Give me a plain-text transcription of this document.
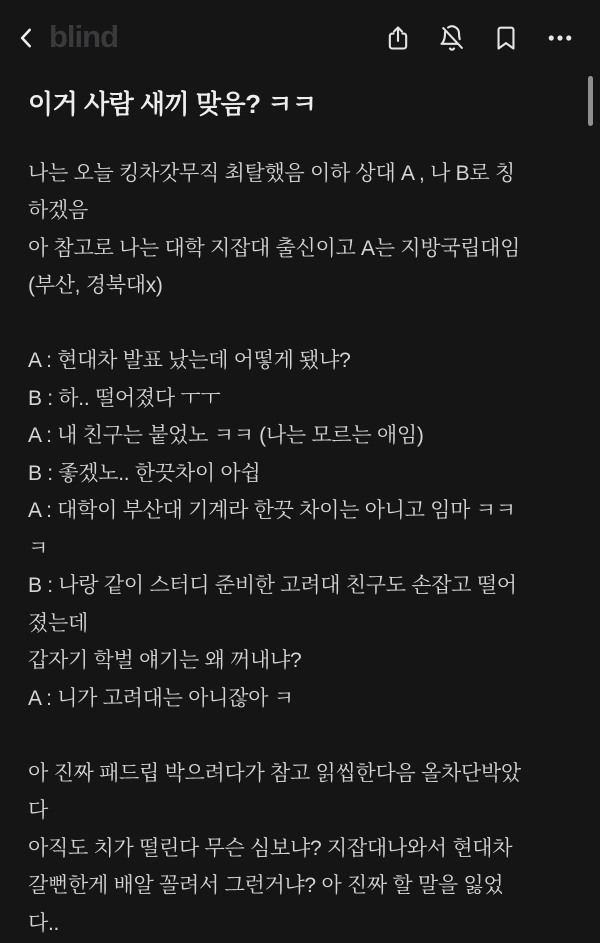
blind
이거 사람 새끼 맞음? ㅋㅋ
나는 오늘 킹차갓무직 최탈했음 이하 상대 A , 나 B로 칭
하겠음
아 참고로 나는 대학 지잡대 출신이고 A는 지방국립대임
(부산, 경북대x)
A : 현대차 발표 났는데 어떻게 됐냐?
B : 하.. 떨어졌다 ㅜㅜ
A : 내 친구는 붙었노 ㅋㅋ (나는 모르는 애임)
B : 좋겠노.. 한끗차이 아쉽
A : 대학이 부산대 기계라 한끗 차이는 아니고 임마 ㅋㅋ
ㅋ
B : 나랑 같이 스터디 준비한 고려대 친구도 손잡고 떨어
졌는데
갑자기 학벌 얘기는 왜 꺼내냐?
A : 니가 고려대는 아니잖아 ㅋ
아 진짜 패드립 박으려다가 참고 읽씹한다음 올차단박았
다
아직도 치가 떨린다 무슨 심보냐? 지잡대나와서 현대차
갈뻔한게 배알 꼴려서 그런거냐? 아 진짜 할 말을 잃었
다..
